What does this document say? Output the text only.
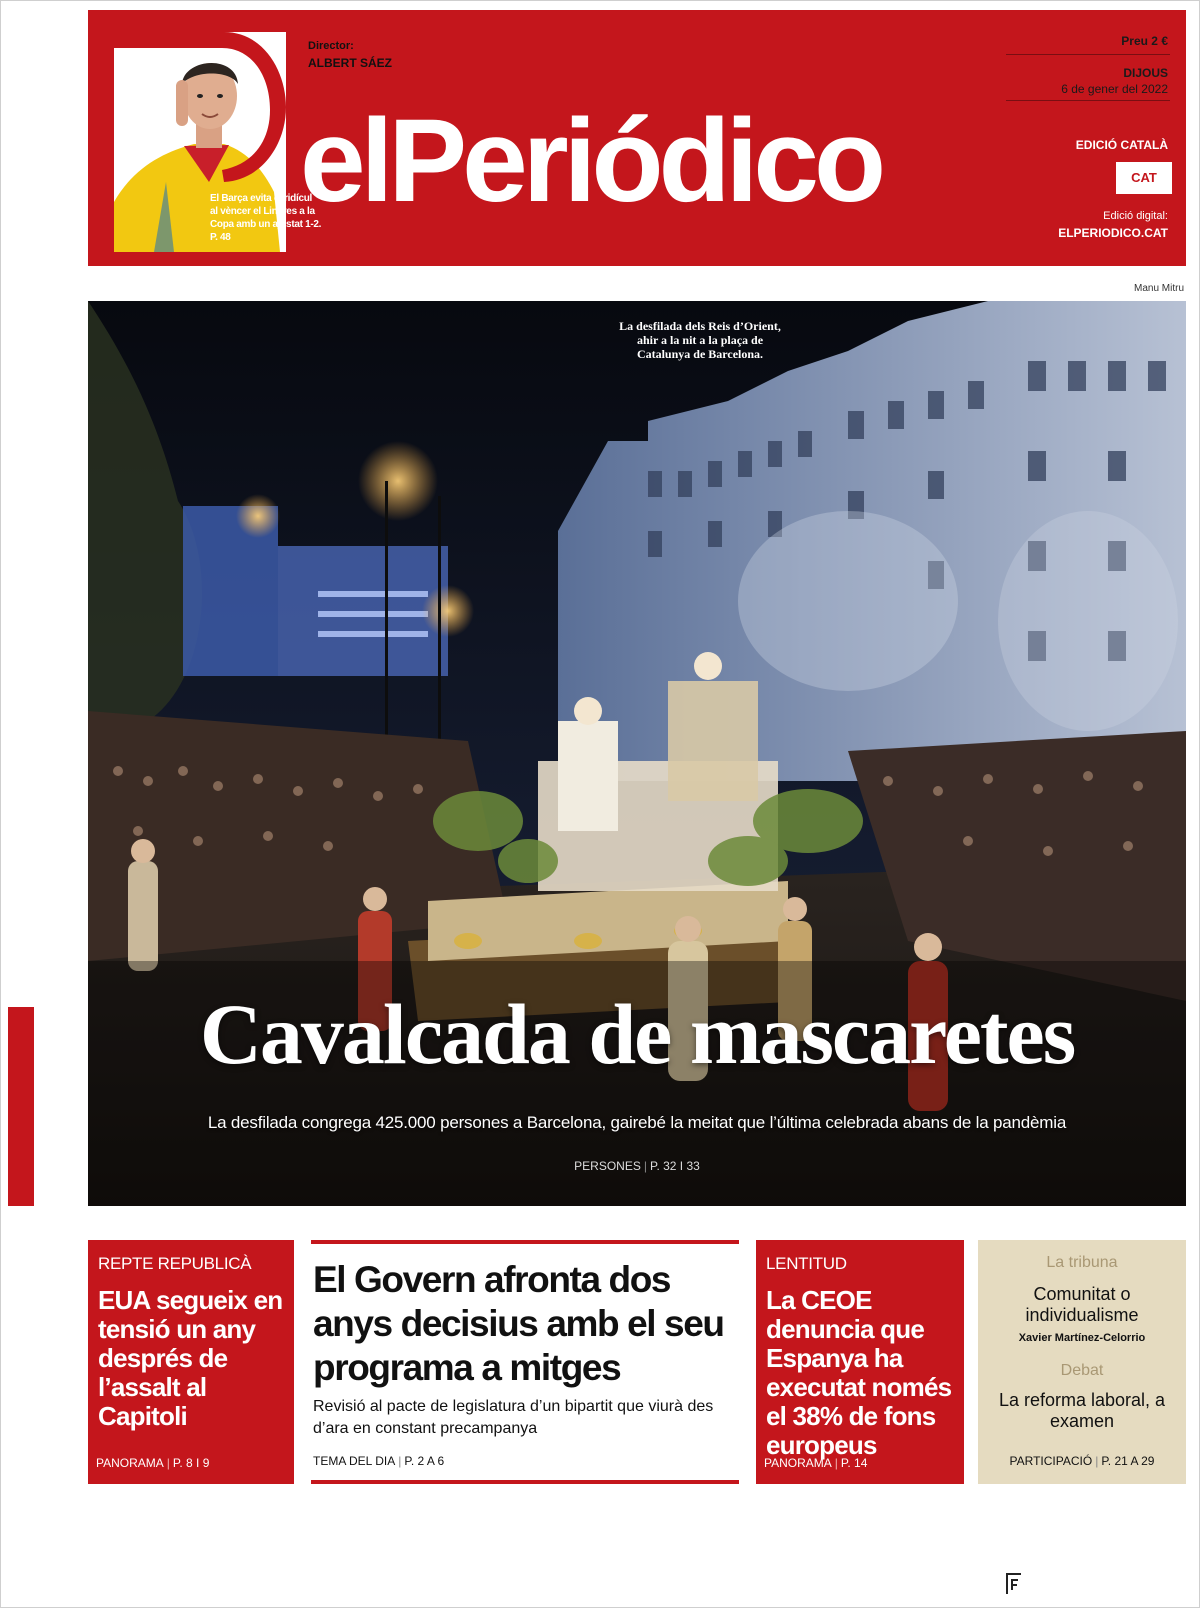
El Barça evita el ridícul al vèncer el Linares a la Copa amb un ajustat 1-2. P. 48
Director:
ALBERT SÁEZ
elPeriódico
Preu 2 €
DIJOUS
6 de gener del 2022
EDICIÓ CATALÀ
CAT
Edició digital:
ELPERIODICO.CAT
Manu Mitru
La desfilada dels Reis d’Orient, ahir a la nit a la plaça de Catalunya de Barcelona.
Cavalcada de mascaretes

La desfilada congrega 425.000 persones a Barcelona, gairebé la meitat que l’última celebrada abans de la pandèmia

PERSONES | P. 32 I 33
REPTE REPUBLICÀ
EUA segueix en tensió un any després de l’assalt al Capitoli
PANORAMA | P. 8 I 9
El Govern afronta dos anys decisius amb el seu programa a mitges

Revisió al pacte de legislatura d’un bipartit que viurà des d’ara en constant precampanya

TEMA DEL DIA | P. 2 A 6
LENTITUD
La CEOE denuncia que Espanya ha executat només el 38% de fons europeus
PANORAMA | P. 14
La tribuna
Comunitat o individualisme
Xavier Martínez-Celorrio
Debat
La reforma laboral, a examen
PARTICIPACIÓ | P. 21 A 29
